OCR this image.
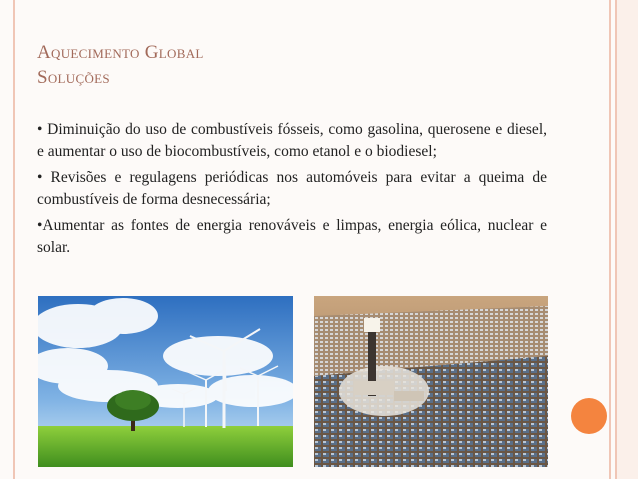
Aquecimento Global
Soluções

• Diminuição do uso de combustíveis fósseis, como gasolina, querosene e diesel, e aumentar o uso de biocombustíveis, como etanol e o biodiesel;

• Revisões e regulagens periódicas nos automóveis para evitar a queima de combustíveis de forma desnecessária;

•Aumentar as fontes de energia renováveis e limpas, energia eólica, nuclear e solar.
